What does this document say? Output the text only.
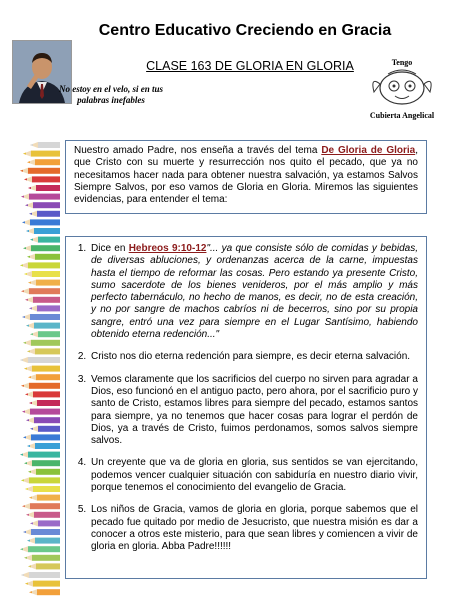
Centro Educativo Creciendo en Gracia
CLASE 163 DE GLORIA EN GLORIA
No estoy en el velo, si en tus palabras inefables
Tengo
Cubierta Angelical

Nuestro amado Padre, nos enseña a través del tema De Gloria de Gloria, que Cristo con su muerte y resurrección nos quito el pecado, que ya no necesitamos hacer nada para obtener nuestra salvación, ya estamos Salvos Siempre Salvos, por eso vamos de Gloria en Gloria. Miremos las siguientes evidencias, para entender el tema:

1. Dice en Hebreos 9:10-12"... ya que consiste sólo de comidas y bebidas, de diversas abluciones, y ordenanzas acerca de la carne, impuestas hasta el tiempo de reformar las cosas. Pero estando ya presente Cristo, sumo sacerdote de los bienes venideros, por el más amplio y más perfecto tabernáculo, no hecho de manos, es decir, no de esta creación, y no por sangre de machos cabríos ni de becerros, sino por su propia sangre, entró una vez para siempre en el Lugar Santísimo, habiendo obtenido eterna redención..."
2. Cristo nos dio eterna redención para siempre, es decir eterna salvación.
3. Vemos claramente que los sacrificios del cuerpo no sirven para agradar a Dios, eso funcionó en el antiguo pacto, pero ahora, por el sacrificio puro y santo de Cristo, estamos libres para siempre del pecado, estamos santos para siempre, ya no tenemos que hacer cosas para lograr el perdón de Dios, ya a través de Cristo, fuimos perdonamos, somos salvos siempre salvos.
4. Un creyente que va de gloria en gloria, sus sentidos se van ejercitando, podemos vencer cualquier situación con sabiduría en nuestro diario vivir, porque tenemos el conocimiento del evangelio de Gracia.
5. Los niños de Gracia, vamos de gloria en gloria, porque sabemos que el pecado fue quitado por medio de Jesucristo, que nuestra misión es dar a conocer a otros este misterio, para que sean libres y comiencen a vivir de gloria en gloria. Abba Padre!!!!!!
